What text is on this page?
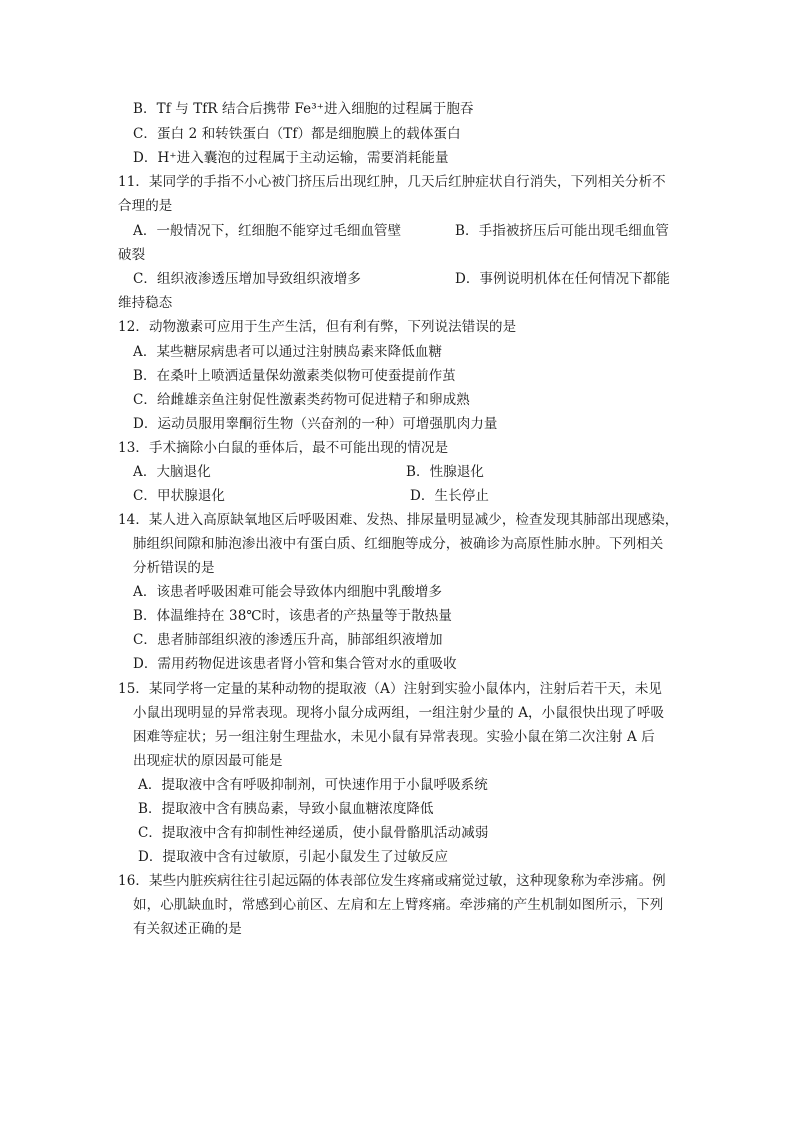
B．Tf 与 TfR 结合后携带 Fe³⁺进入细胞的过程属于胞吞
C．蛋白 2 和转铁蛋白（Tf）都是细胞膜上的载体蛋白
D．H⁺进入囊泡的过程属于主动运输，需要消耗能量
11．某同学的手指不小心被门挤压后出现红肿，几天后红肿症状自行消失，下列相关分析不
合理的是
A．一般情况下，红细胞不能穿过毛细血管壁	B．手指被挤压后可能出现毛细血管
破裂
C．组织液渗透压增加导致组织液增多	D．事例说明机体在任何情况下都能
维持稳态
12．动物激素可应用于生产生活，但有利有弊，下列说法错误的是
A．某些糖尿病患者可以通过注射胰岛素来降低血糖
B．在桑叶上喷洒适量保幼激素类似物可使蚕提前作茧
C．给雌雄亲鱼注射促性激素类药物可促进精子和卵成熟
D．运动员服用睾酮衍生物（兴奋剂的一种）可增强肌肉力量
13．手术摘除小白鼠的垂体后，最不可能出现的情况是
A．大脑退化	B．性腺退化
C．甲状腺退化	D．生长停止
14．某人进入高原缺氧地区后呼吸困难、发热、排尿量明显减少，检查发现其肺部出现感染，
肺组织间隙和肺泡渗出液中有蛋白质、红细胞等成分，被确诊为高原性肺水肿。下列相关
分析错误的是
A．该患者呼吸困难可能会导致体内细胞中乳酸增多
B．体温维持在 38℃时，该患者的产热量等于散热量
C．患者肺部组织液的渗透压升高，肺部组织液增加
D．需用药物促进该患者肾小管和集合管对水的重吸收
15．某同学将一定量的某种动物的提取液（A）注射到实验小鼠体内，注射后若干天，未见
小鼠出现明显的异常表现。现将小鼠分成两组，一组注射少量的 A，小鼠很快出现了呼吸
困难等症状；另一组注射生理盐水，未见小鼠有异常表现。实验小鼠在第二次注射 A 后
出现症状的原因最可能是
A．提取液中含有呼吸抑制剂，可快速作用于小鼠呼吸系统
B．提取液中含有胰岛素，导致小鼠血糖浓度降低
C．提取液中含有抑制性神经递质，使小鼠骨骼肌活动减弱
D．提取液中含有过敏原，引起小鼠发生了过敏反应
16．某些内脏疾病往往引起远隔的体表部位发生疼痛或痛觉过敏，这种现象称为牵涉痛。例
如，心肌缺血时，常感到心前区、左肩和左上臂疼痛。牵涉痛的产生机制如图所示，下列
有关叙述正确的是
